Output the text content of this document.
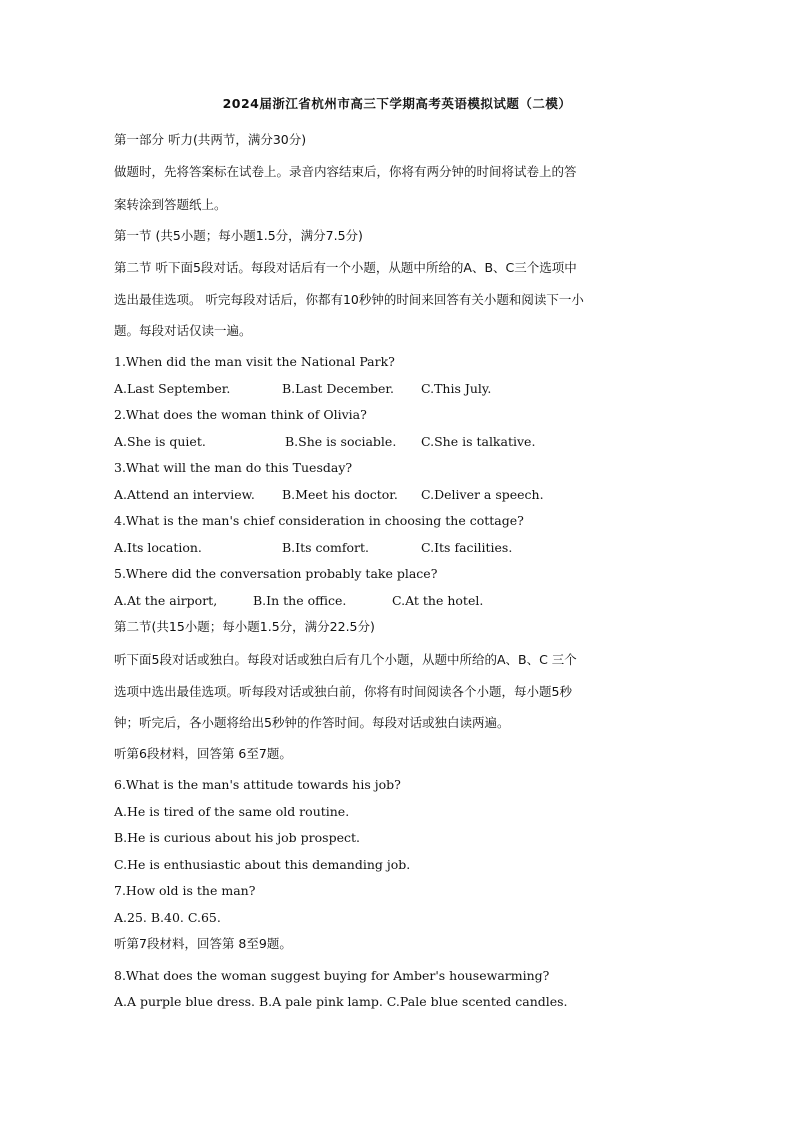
2024届浙江省杭州市高三下学期高考英语模拟试题（二模）
第一部分 听力(共两节，满分30分)
做题时，先将答案标在试卷上。录音内容结束后，你将有两分钟的时间将试卷上的答
案转涂到答题纸上。
第一节 (共5小题；每小题1.5分，满分7.5分)
第二节 听下面5段对话。每段对话后有一个小题，从题中所给的A、B、C三个选项中
选出最佳选项。 听完每段对话后，你都有10秒钟的时间来回答有关小题和阅读下一小
题。每段对话仅读一遍。
1.When did the man visit the National Park?
A.Last September.	B.Last December. C.This July.
2.What does the woman think of Olivia?
A.She is quiet.	B.She is sociable. C.She is talkative.
3.What will the man do this Tuesday?
A.Attend an interview. B.Meet his doctor. C.Deliver a speech.
4.What is the man's chief consideration in choosing the cottage?
A.Its location.	B.Its comfort.	C.Its facilities.
5.Where did the conversation probably take place?
A.At the airport,	B.In the office.	C.At the hotel.
第二节(共15小题；每小题1.5分，满分22.5分)
听下面5段对话或独白。每段对话或独白后有几个小题，从题中所给的A、B、C 三个
选项中选出最佳选项。听每段对话或独白前，你将有时间阅读各个小题，每小题5秒
钟；听完后，各小题将给出5秒钟的作答时间。每段对话或独白读两遍。
听第6段材料，回答第 6至7题。
6.What is the man's attitude towards his job?
A.He is tired of the same old routine.
B.He is curious about his job prospect.
C.He is enthusiastic about this demanding job.
7.How old is the man?
A.25. B.40. C.65.
听第7段材料，回答第 8至9题。
8.What does the woman suggest buying for Amber's housewarming?
A.A purple blue dress. B.A pale pink lamp. C.Pale blue scented candles.
